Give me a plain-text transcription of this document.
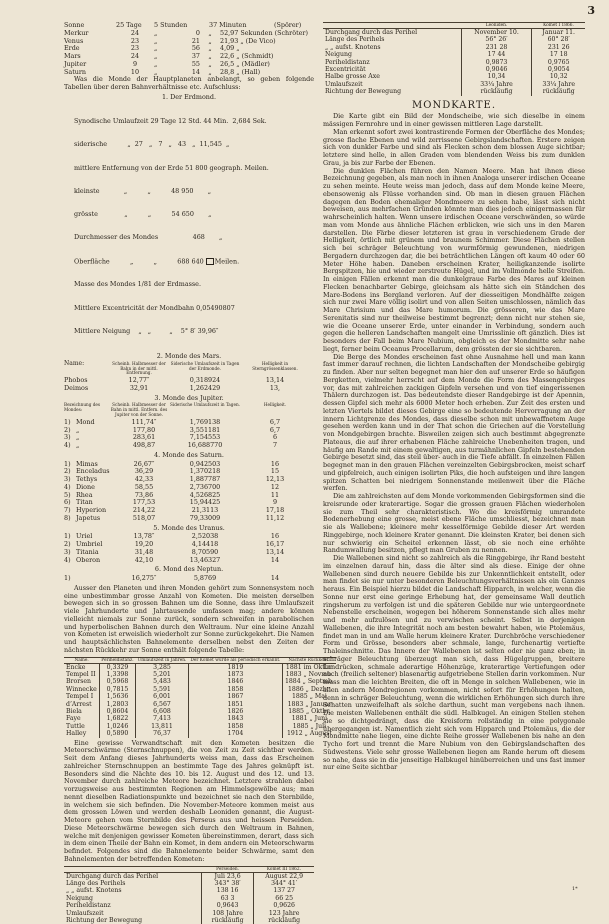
3
Sonne	25 Tage	5 Stunden	37 Minuten	(Spörer)
Merkur	24	„	0	„	52,97 Sekunden (Schröter)
Venus	23	„	21	„	21,93 „ (De Vico)
Erde	23	„	56	„	4,09 „
Mars	24	„	37	„	22,6 „ (Schmidt)
Jupiter	9	„	55	„	26,5 „ (Mädler)
Saturn	10	„	14	„	28,8 „ (Hall)

Was die Monde der Hauptplaneten anbelangt, so geben folgende Tabellen über deren Bahnverhältnisse etc. Aufschluss:

1. Der Erdmond.

Synodische Umlaufzeit 29 Tage 12 Std. 44 Min.  2,684 Sek.

siderische          „  27   „   7   „   43   „  11,545  „

mittlere Entfernung von der Erde 51 800 geograph. Meilen.

kleinste            „          „          48 950       „

grösste             „          „          54 650       „

Durchmesser des Mondes                 468       „

Oberfläche          „          „          688 640 Meilen.

Masse des Mondes 1/81 der Erdmasse.

Mittlere Excentricität der Mondbahn 0,05490807

Mittlere Neigung    „   „         „    5° 8′ 39,96″

2. Monde des Mars.
Name:	Scheinb. Halbmesser der Bahn in der mittl. Entfernung.
Siderische Umlaufszeit in Tagen der Erdmonde.
Helligkeit in Sterngrössenklassen.
Phobos	12,77″	0,318924	13,14
Deimos	32,91	1,262429	13,
3. Monde des Jupiter.
Bezeichnung des Mondes:
Scheinb. Halbmesser der Bahn in mittl. Entfern. des Jupiter von der Sonne.
Siderische Umlaufszeit in Tagen.	Helligkeit.
1) Mond	111,74″	1,769138	6,7
2) „	177,80	3,551181	6,7
3) „	283,61	7,154553	6
4) „	498,87	16,688770	7
4. Monde des Saturn.
1) Mimas	26,67″	0,942503	16
2) Enceladus	36,29	1,370218	15
3) Tethys	42,33	1,887787	12,13
4) Dione	58,55	2,736700	12
5) Rhea	73,86	4,526825	11
6) Titan	177,53	15,94425	9
7) Hyperion	214,22	21,3113	17,18
8) Japetus	518,07	79,33009	11,12
5. Monde des Uranus.
1) Uriel	13,78″	2,52038	16
2) Umbriel	19,20	4,14418	16,17
3) Titania	31,48	8,70590	13,14
4) Oberon	42,10	13,46327	14
6. Mond des Neptun.
1)	16,275″	5,8769	14

Ausser den Planeten und ihren Monden gehört zum Sonnensystem noch eine unbestimmbar grosse Anzahl von Kometen. Die meisten derselben bewegen sich in so grossen Bahnen um die Sonne, dass ihre Umlaufszeit viele Jahrhunderte und Jahrtausende umfassen mag; andere können vielleicht niemals zur Sonne zurück, sondern schweifen in parabolischen und hyperbolischen Bahnen durch den Weltraum. Nur eine kleine Anzahl von Kometen ist erweislich wiederholt zur Sonne zurückgekehrt. Die Namen und hauptsächlichsten Bahnelemente derselben nebst den Zeiten der nächsten Rückkehr zur Sonne enthält folgende Tabelle:

Name.	Periheldistanz.	Umlaufszeit in Jahren.	Der Komet wurde als periodisch erkannt.	Nächste Rückkehr:
Encke	0,3329	3,285	1819	1881 im Oktbr.
Tempel II	1,3398	5,201	1873	1883 „ Novmb.
Brorsen	0,5968	5,483	1846	1884 „ Septmb.
Winnecke	0,7815	5,591	1858	1886 „ Dezbr.
Tempel I	1,5636	6,001	1867	1885 „ Mai
d’Arrest	1,2803	6,567	1851	1883 „ Januar
Biela	0,8604	6,608	1826	1885 „ Oktbr.
Faye	1,6822	7,413	1843	1881 „ Juni
Tuttle	1,0246	13,811	1858	1885 „ Juli
Halley	0,5890	76,37	1704	1912 „ August

Eine gewisse Verwandtschaft mit den Kometen besitzen die Meteorschwärme (Sternschnuppen), die von Zeit zu Zeit sichtbar werden. Seit dem Anfang dieses Jahrhunderts weiss man, dass das Erscheinen zahlreicher Sternschnuppen an bestimmte Tage des Jahres geknüpft ist. Besonders sind die Nächte des 10. bis 12. August und des 12. und 13. November durch zahlreiche Meteore bezeichnet. Letztere strahlen dabei vorzugsweise aus bestimmten Regionen am Himmelsgewölbe aus; man nennt dieselben Radiationspunkte und bezeichnet sie nach den Sternbilde, in welchem sie sich befinden. Die November-Meteore kommen meist aus dem grossen Löwen und werden deshalb Leoniden genannt, die August-Meteore gehen vom Sternbilde des Perseus aus und heissen Perseiden. Diese Meteorschwärme bewegen sich durch den Weltraum in Bahnen, welche mit denjenigen gewisser Kometen übereinstimmen, derart, dass sich in dem einen Theile der Bahn ein Komet, in dem andern ein Meteorschwarm befindet. Folgendes sind die Bahnelemente beider Schwärme, samt den Bahnelementen der betreffenden Kometen:

	Perseiden.	Komet III 1862.
Durchgang durch das Perihel	Juli 23,6	August 22,9
Länge des Perihels	343° 38′	344° 41′
„ „ aufst. Knotens	138 16	137 27
Neigung	63 3	66 25
Periheldistanz	0,9643	0,9626
Umlaufszeit	108 Jahre	123 Jahre
Richtung der Bewegung	rückläufig	rückläufig
	Leoniden.	Komet I 1866.
Durchgang durch das Perihel	November 10.	Januar 11.
Länge des Perihels	56° 26′	60° 28′
„ „ aufst. Knotens	231 28	231 26
Neigung	17 44	17 18
Periheldistanz	0,9873	0,9765
Excentricität	0,9046	0,9054
Halbe grosse Axe	10,34	10,32
Umlaufszeit	33¼ Jahre	33¼ Jahre
Richtung der Bewegung	rückläufig	rückläufig
MONDKARTE.

Die Karte gibt ein Bild der Mondscheibe, wie sich dieselbe in einem mässigen Fernrohre und in einer gewissen mittleren Lage darstellt.

Man erkennt sofort zwei kontrastirende Formen der Oberfläche des Mondes; grosse flache Ebenen und wild zerrissene Gebirgslandschaften. Erstere zeigen sich von dunkler Farbe und sind als Flecken schon dem blossen Auge sichtbar; letztere sind helle, in allen Graden vom blendenden Weiss bis zum dunklen Grau, ja bis zur Farbe der Ebenen.

Die dunklen Flächen führen den Namen Meere. Man hat ihnen diese Bezeichnung gegeben, als man noch in ihnen Analoga unserer irdischen Oceane zu sehen meinte. Heute weiss man jedoch, dass auf dem Monde keine Meere, ebensowenig als Flüsse vorhanden sind. Ob man in diesen grauen Flächen dagegen den Boden ehemaliger Mondmeere zu sehen habe, lässt sich nicht beweisen, aus mehrfachen Gründen könnte man dies jedoch einigermassen für wahrscheinlich halten. Wenn unsere irdischen Oceane verschwänden, so würde man vom Monde aus ähnliche Flächen erblicken, wie sich uns in den Maren darstellen. Die Färbe dieser letzteren ist grau in verschiedenem Grade der Helligkeit, örtlich mit grünem und braunem Schimmer. Diese Flächen stellen sich bei schräger Beleuchtung von wurmförmig gewundenen, niedrigen Bergadern durchzogen dar, die bei beträchtlichen Längen oft kaum 40 oder 60 Meter Höhe haben. Daneben erscheinen Krater, heiligkanzende isolirte Bergspitzen, hie und wieder zerstreute Hügel, und im Vollmonde helle Streifen. In einigen Fällen erkennt man die dunkelgraue Farbe des Mares auf kleinen Flecken benachbarter Gebirge, gleichsam als hätte sich ein Ständchen des Mare-Bodens ins Bergland verloren. Auf der diesseitigen Mondhälfte zeigen sich nur zwei Mare völlig isolirt und von allen Seiten umschlossen, nämlich das Mare Chrisium und das Mare humorum. Die grösseren, wie das Mare Serenitatis sind nur theilweise bestimmt begrenzt; denn nicht nur stehen sie, wie die Oceane unserer Erde, unter einander in Verbindung, sondern auch gegen die helleren Landschaften mangelt eine Umrisslinie oft gänzlich. Dies ist besonders der Fall beim Mare Nubium, obgleich es der Mondmitte sehr nahe liegt, ferner beim Oceanus Procellarum, dem grössten der sie sichtbaren.

Die Berge des Mondes erscheinen fast ohne Ausnahme hell und man kann fast immer darauf rechnen, die lichten Landschaften der Mondscheibe gebirgig zu finden. Aber nur selten begegnet man hier den auf unserer Erde so häufigen Bergketten, vielmehr herrscht auf dem Monde die Form des Massengebirges vor, das mit zahlreichen zackigen Gipfeln versehen und von tief eingerissenen Thälern durchzogen ist. Das bedeutendste dieser Randgebirge ist der Apennin, dessen Gipfel sich mehr als 6000 Meter hoch erheben. Zur Zeit des ersten und letzten Viertels bildet dieses Gebirge eine so bedeutende Hervorragung an der innern Lichtgrenze des Mondes, dass dieselbe schon mit unbewaffnetem Auge gesehen werden kann und in der That schon die Griechen auf die Vorstellung von Mondgebirgen brachte. Bisweilen zeigen sich auch bestimmt abgegrenzte Plateaus, die auf ihrer erhabenen Fläche zahlreiche Unebenheiten tragen, und häufig am Rande mit einem gewaltigen, aus turmähnlichen Gipfeln bestehenden Gebirge besetzt sind, das steil über- auch in die Tiefe abfällt. In einzelnen Fällen begegnet man in den grauen Flächen vereinzelten Gebirgsbrocken, meist scharf und gipfelreich, auch einigen isolirten Piks, die hoch aufsteigen und ihre langen spitzen Schatten bei niedrigem Sonnenstande meilenweit über die Fläche werfen.

Die am zahlreichsten auf dem Monde vorkommenden Gebirgsformen sind die kreisrunde oder kraterartige. Sogar die grossen grauen Flächen wiederholen sie zum Theil sehr charakteristisch. Wo die kreisförmig umrandete Bodenerhebung eine grosse, meist ebene Fläche umschliesst, bezeichnet man sie als Wallebene; kleinere mehr kesselförmige Gebilde dieser Art werden Ringgebirge, noch kleinere Krater genannt. Die kleinsten Krater, bei denen sich nur schwierig ein Scheitel erkennen lässt, ob sie noch eine erhöhte Randumwallung besitzen, pflegt man Gruben zu nennen.

Die Wallebenen sind nicht so zahlreich als die Ringgebirge, ihr Rand besteht im einzelnen darauf hin, dass die älter sind als diese. Einige der ohne Wallebenen sind durch neuere Gebilde bis zur Unkenntlichkeit entstellt, oder man findet sie nur unter besonderen Beleuchtungsverhältnissen als ein Ganzes heraus. Ein Beispiel hierzu bildet die Landschaft Hipparch, in welcher, wenn die Sonne nur erst eine geringe Erhebung hat, der gemeinsame Wall deutlich ringsherum zu verfolgen ist und die späteren Gebilde nur wie untergeordnete Nebenstelle erscheinen, wogegen bei höherem Sonnenstande sich alles mehr und mehr aufzulösen und zu verwischen scheint. Selbst in derjenigen Wallebenen, die ihre Integrität noch am besten bewahrt haben, wie Ptolemäus, findet man in und am Walle herum kleinere Krater. Durchbröche verschiedener Form und Grösse, besonders aber schmale, lange, furchenartig vertiefte Thaleinschnitte. Das Innere der Wallebenen ist selten oder nie ganz eben; in schräger Beleuchtung überzeugt man sich, dass Hügelgruppen, breitere Landrücken, schmale aderartige Höhenzüge, kraterartige Vertiefungen oder auch (freilich seltener) blasenartig aufgetriebene Stellen darin vorkommen. Nur muss man die leichten Breiten, die oft in Menge in solchen Wallebenen, wie in allen andern Mondregionen vorkommen, nicht sofort für Erhöhungen halten, denn in schräger Beleuchtung, wenn die wirklichen Erhöhungen sich durch ihre Schatten unzweifelhaft als solche darthun, sucht man vergebens nach ihnen. Die meisten Wallebenen enthält die südl. Halbkugel. An einigen Stellen stehen sie so dichtgedrängt, dass die Kreisform rollständig in eine polygonale übergegangen ist. Namentlich zieht sich vom Hipparch und Ptolemäus, die der Mondmitte nahe liegen, eine dichte Reihe grosser Wallebenen bis nahe an den Tycho fort und trennt die Mare Nubium von den Gebirgslandschaften des Südwestens. Viele sehr grosse Wallebenen liegen am Rande herum oft diesem so nahe, dass sie in die jenseitige Halbkugel hinüberreichen und uns fast immer nur eine Seite sichtbar

1*
